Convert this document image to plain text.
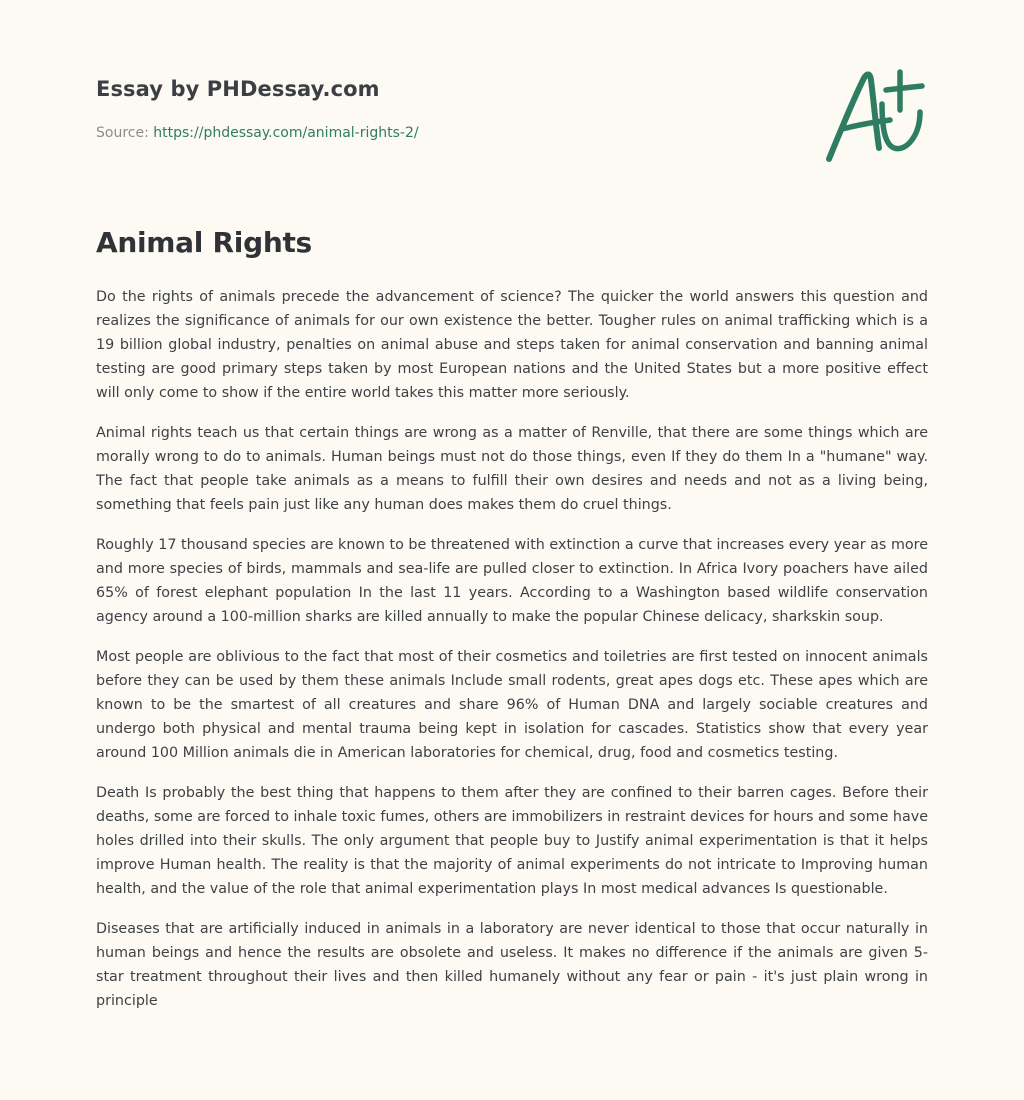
Essay by PHDessay.com
Source: https://phdessay.com/animal-rights-2/
Animal Rights

Do the rights of animals precede the advancement of science? The quicker the world answers this question and realizes the significance of animals for our own existence the better. Tougher rules on animal trafficking which is a 19 billion global industry, penalties on animal abuse and steps taken for animal conservation and banning animal testing are good primary steps taken by most European nations and the United States but a more positive effect will only come to show if the entire world takes this matter more seriously.

Animal rights teach us that certain things are wrong as a matter of Renville, that there are some things which are morally wrong to do to animals. Human beings must not do those things, even If they do them In a "humane" way. The fact that people take animals as a means to fulfill their own desires and needs and not as a living being, something that feels pain just like any human does makes them do cruel things.

Roughly 17 thousand species are known to be threatened with extinction a curve that increases every year as more and more species of birds, mammals and sea-life are pulled closer to extinction. In Africa Ivory poachers have ailed 65% of forest elephant population In the last 11 years. According to a Washington based wildlife conservation agency around a 100-million sharks are killed annually to make the popular Chinese delicacy, sharkskin soup.

Most people are oblivious to the fact that most of their cosmetics and toiletries are first tested on innocent animals before they can be used by them these animals Include small rodents, great apes dogs etc. These apes which are known to be the smartest of all creatures and share 96% of Human DNA and largely sociable creatures and undergo both physical and mental trauma being kept in isolation for cascades. Statistics show that every year around 100 Million animals die in American laboratories for chemical, drug, food and cosmetics testing.

Death Is probably the best thing that happens to them after they are confined to their barren cages. Before their deaths, some are forced to inhale toxic fumes, others are immobilizers in restraint devices for hours and some have holes drilled into their skulls. The only argument that people buy to Justify animal experimentation is that it helps improve Human health. The reality is that the majority of animal experiments do not intricate to Improving human health, and the value of the role that animal experimentation plays In most medical advances Is questionable.

Diseases that are artificially induced in animals in a laboratory are never identical to those that occur naturally in human beings and hence the results are obsolete and useless. It makes no difference if the animals are given 5-star treatment throughout their lives and then killed humanely without any fear or pain - it's just plain wrong in principle
